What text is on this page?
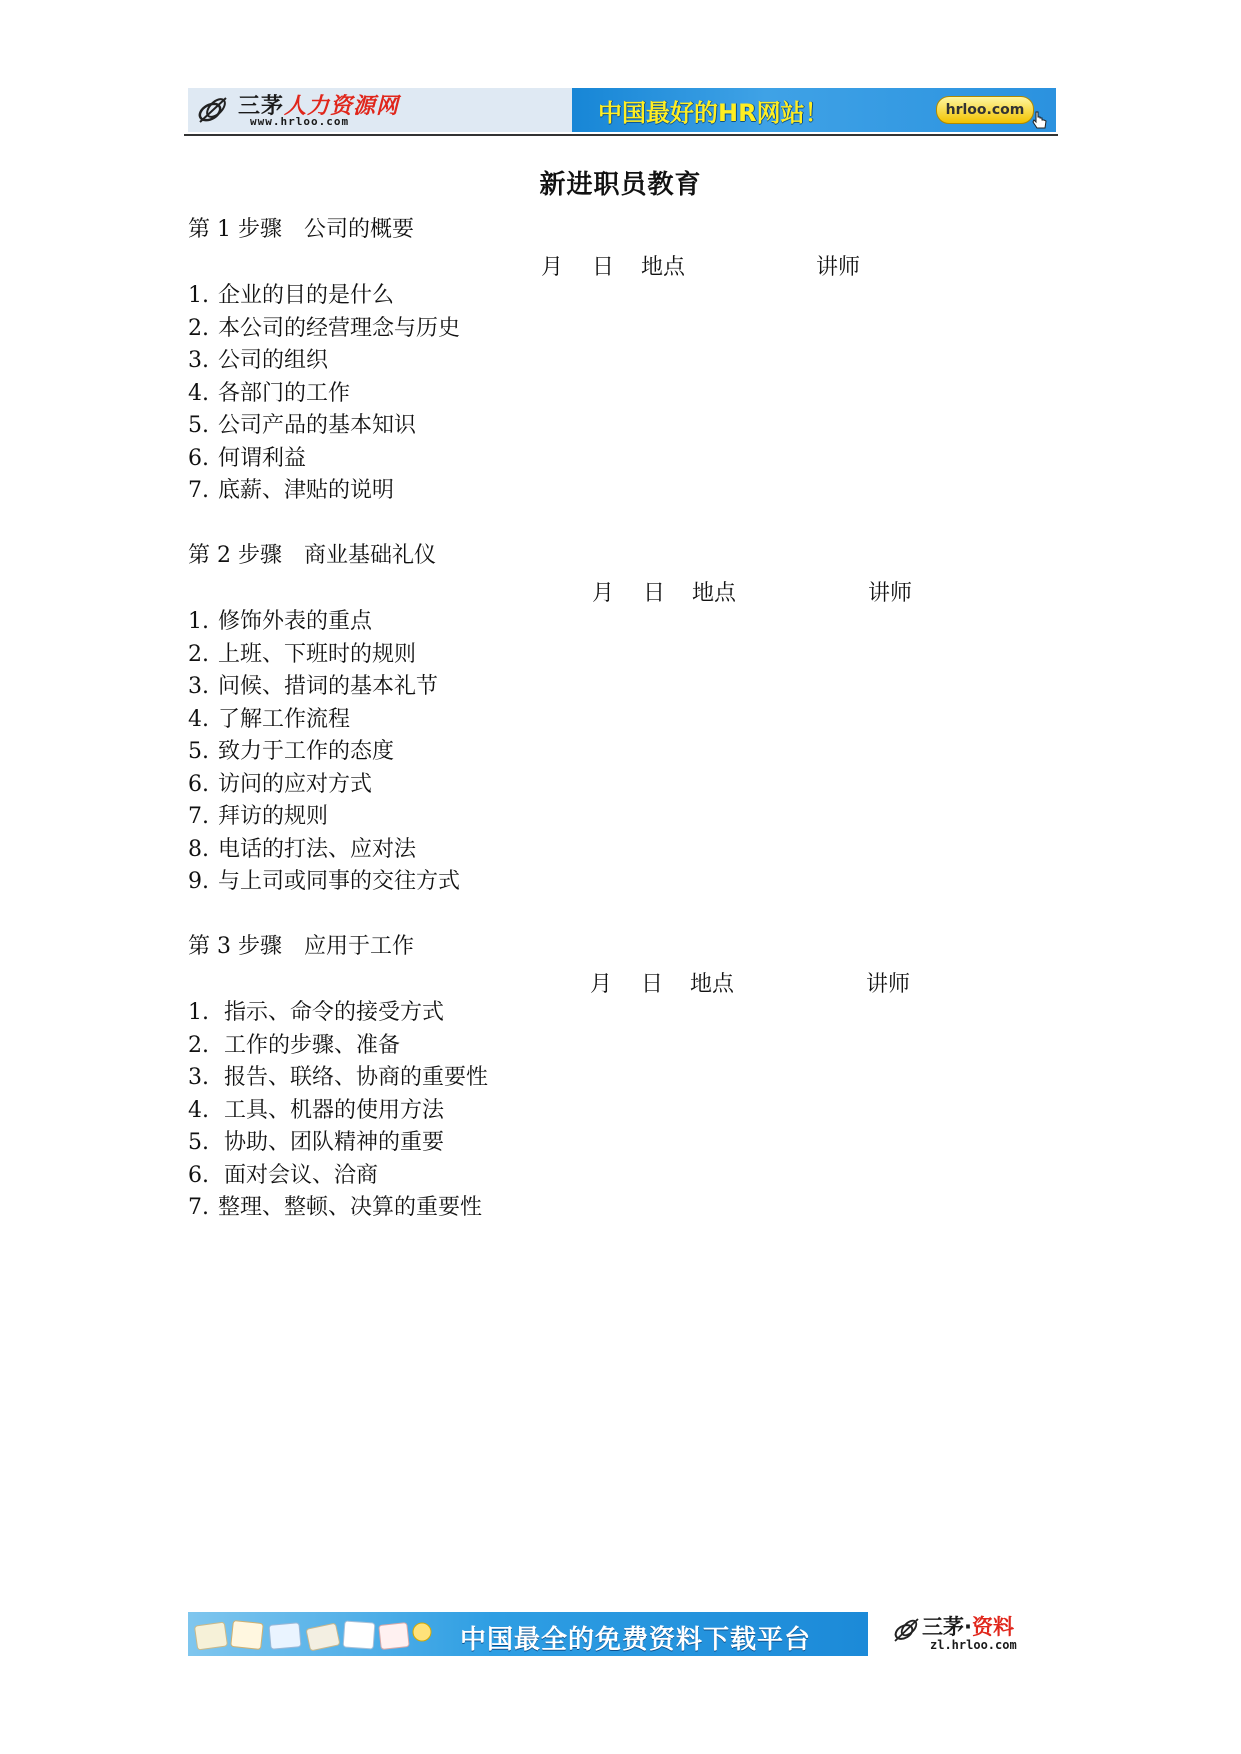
三茅人力资源网
www.hrloo.com	中国最好的HR网站！	hrloo.com
新进职员教育
第 1 步骤　公司的概要
月 日 地点	讲师
1. 企业的目的是什么
2. 本公司的经营理念与历史
3. 公司的组织
4. 各部门的工作
5. 公司产品的基本知识
6. 何谓利益
7. 底薪、津贴的说明
第 2 步骤　商业基础礼仪
月 日 地点	讲师
1. 修饰外表的重点
2. 上班、下班时的规则
3. 问候、措词的基本礼节
4. 了解工作流程
5. 致力于工作的态度
6. 访问的应对方式
7. 拜访的规则
8. 电话的打法、应对法
9. 与上司或同事的交往方式
第 3 步骤　应用于工作
月 日 地点	讲师
1. 指示、命令的接受方式
2. 工作的步骤、准备
3. 报告、联络、协商的重要性
4. 工具、机器的使用方法
5. 协助、团队精神的重要
6. 面对会议、洽商
7. 整理、整顿、决算的重要性
中国最全的免费资料下载平台	三茅·资料
zl.hrloo.com
